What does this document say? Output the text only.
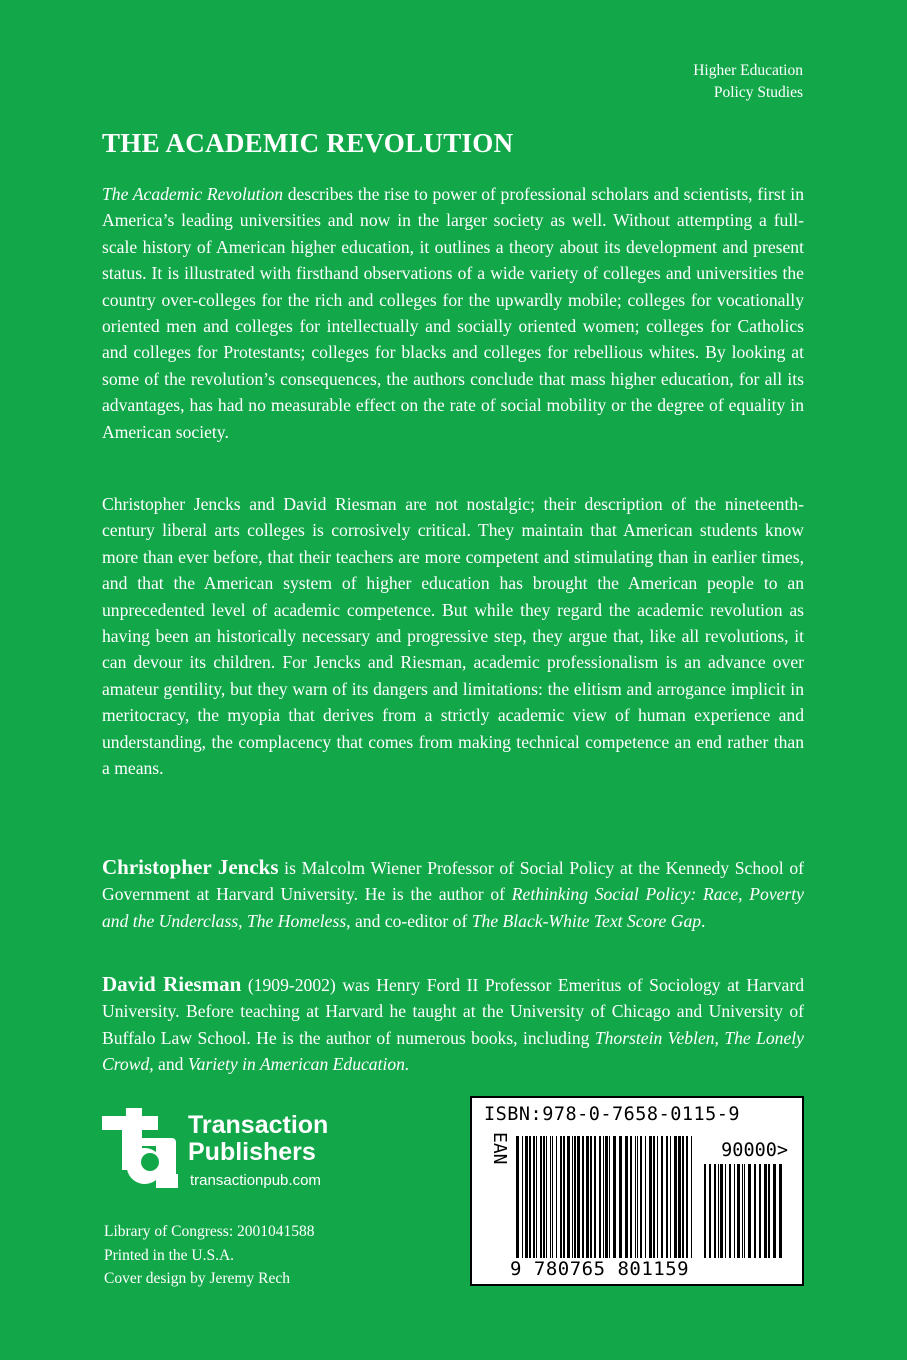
Higher Education
Policy Studies
THE ACADEMIC REVOLUTION

The Academic Revolution describes the rise to power of professional scholars and scientists, first in America’s leading universities and now in the larger society as well. Without attempting a full-scale history of American higher education, it outlines a theory about its development and present status. It is illustrated with firsthand observations of a wide variety of colleges and universities the country over-colleges for the rich and colleges for the upwardly mobile; colleges for vocationally oriented men and colleges for intellectually and socially oriented women; colleges for Catholics and colleges for Protestants; colleges for blacks and colleges for rebellious whites. By looking at some of the revolution’s consequences, the authors conclude that mass higher education, for all its advantages, has had no measurable effect on the rate of social mobility or the degree of equality in American society.

Christopher Jencks and David Riesman are not nostalgic; their description of the nineteenth-century liberal arts colleges is corrosively critical. They maintain that American students know more than ever before, that their teachers are more competent and stimulating than in earlier times, and that the American system of higher education has brought the American people to an unprecedented level of academic competence. But while they regard the academic revolution as having been an historically necessary and progressive step, they argue that, like all revolutions, it can devour its children. For Jencks and Riesman, academic professionalism is an advance over amateur gentility, but they warn of its dangers and limitations: the elitism and arrogance implicit in meritocracy, the myopia that derives from a strictly academic view of human experience and understanding, the complacency that comes from making technical competence an end rather than a means.

Christopher Jencks is Malcolm Wiener Professor of Social Policy at the Kennedy School of Government at Harvard University. He is the author of Rethinking Social Policy: Race, Poverty and the Underclass, The Homeless, and co-editor of The Black-White Text Score Gap.

David Riesman (1909-2002) was Henry Ford II Professor Emeritus of Sociology at Harvard University. Before teaching at Harvard he taught at the University of Chicago and University of Buffalo Law School. He is the author of numerous books, including Thorstein Veblen, The Lonely Crowd, and Variety in American Education.

Transaction
Publishers
transactionpub.com
Library of Congress: 2001041588
Printed in the U.S.A.
Cover design by Jeremy Rech
ISBN:978-0-7658-0115-9
EAN	90000>
9 780765 801159
